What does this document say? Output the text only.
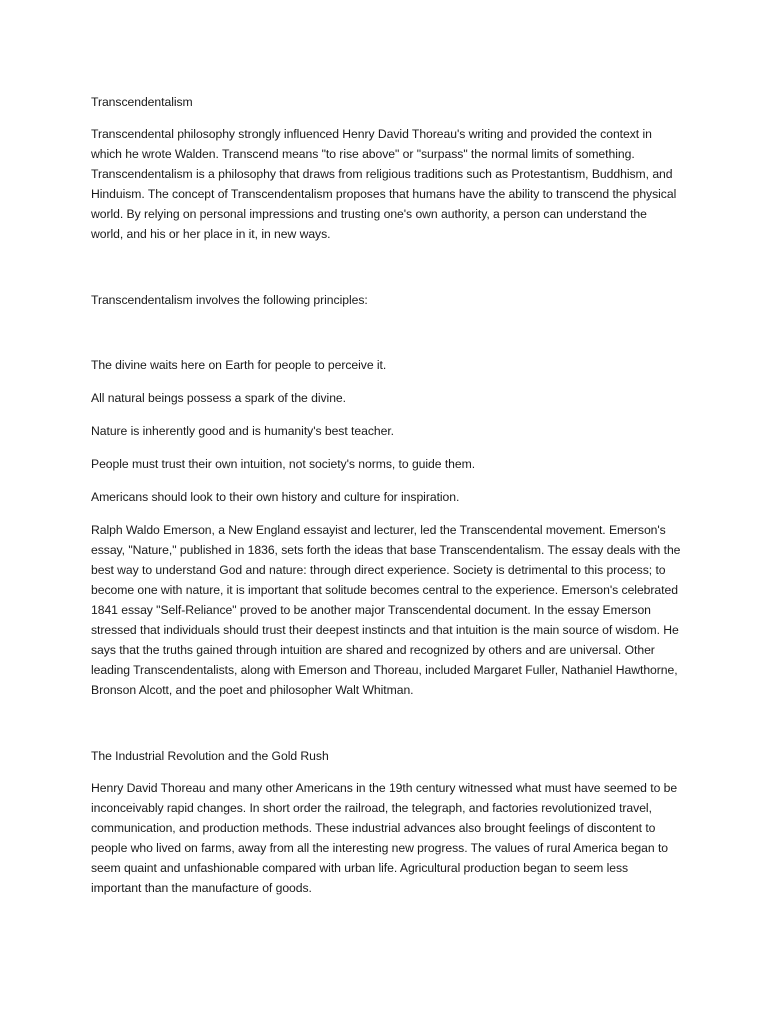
Transcendentalism

Transcendental philosophy strongly influenced Henry David Thoreau's writing and provided the context in which he wrote Walden. Transcend means "to rise above" or "surpass" the normal limits of something. Transcendentalism is a philosophy that draws from religious traditions such as Protestantism, Buddhism, and Hinduism. The concept of Transcendentalism proposes that humans have the ability to transcend the physical world. By relying on personal impressions and trusting one's own authority, a person can understand the world, and his or her place in it, in new ways.

Transcendentalism involves the following principles:

The divine waits here on Earth for people to perceive it.

All natural beings possess a spark of the divine.

Nature is inherently good and is humanity's best teacher.

People must trust their own intuition, not society's norms, to guide them.

Americans should look to their own history and culture for inspiration.

Ralph Waldo Emerson, a New England essayist and lecturer, led the Transcendental movement. Emerson's essay, "Nature," published in 1836, sets forth the ideas that base Transcendentalism. The essay deals with the best way to understand God and nature: through direct experience. Society is detrimental to this process; to become one with nature, it is important that solitude becomes central to the experience. Emerson's celebrated 1841 essay "Self-Reliance" proved to be another major Transcendental document. In the essay Emerson stressed that individuals should trust their deepest instincts and that intuition is the main source of wisdom. He says that the truths gained through intuition are shared and recognized by others and are universal. Other leading Transcendentalists, along with Emerson and Thoreau, included Margaret Fuller, Nathaniel Hawthorne, Bronson Alcott, and the poet and philosopher Walt Whitman.

The Industrial Revolution and the Gold Rush

Henry David Thoreau and many other Americans in the 19th century witnessed what must have seemed to be inconceivably rapid changes. In short order the railroad, the telegraph, and factories revolutionized travel, communication, and production methods. These industrial advances also brought feelings of discontent to people who lived on farms, away from all the interesting new progress. The values of rural America began to seem quaint and unfashionable compared with urban life. Agricultural production began to seem less important than the manufacture of goods.
